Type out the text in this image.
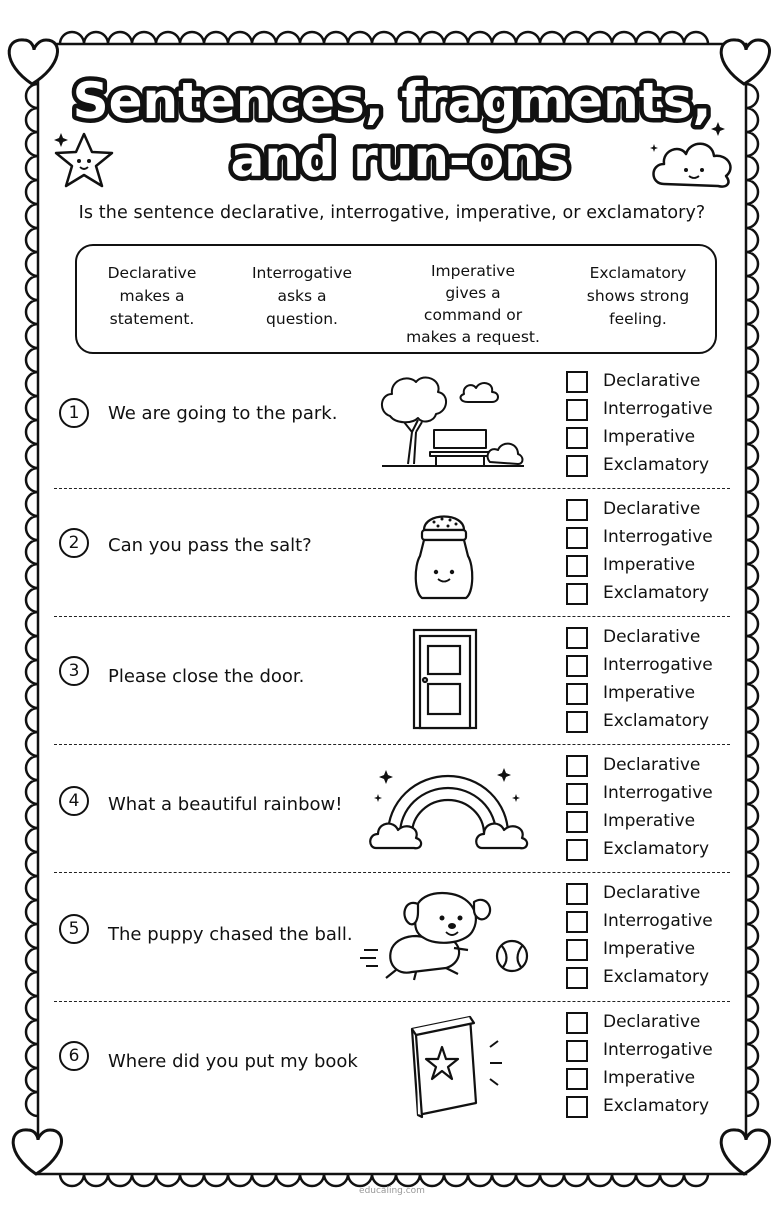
Sentences, fragments,
and run-ons
Is the sentence declarative, interrogative, imperative, or exclamatory?
Declarative
makes a
statement.
Interrogative
asks a
question.
Imperative
gives a
command or
makes a request.
Exclamatory
shows strong
feeling.
1	We are going to the park.
Declarative
Interrogative
Imperative
Exclamatory
2	Can you pass the salt?
Declarative
Interrogative
Imperative
Exclamatory
3	Please close the door.
Declarative
Interrogative
Imperative
Exclamatory
4	What a beautiful rainbow!
Declarative
Interrogative
Imperative
Exclamatory
5	The puppy chased the ball.
Declarative
Interrogative
Imperative
Exclamatory
6	Where did you put my book
Declarative
Interrogative
Imperative
Exclamatory
educaling.com
